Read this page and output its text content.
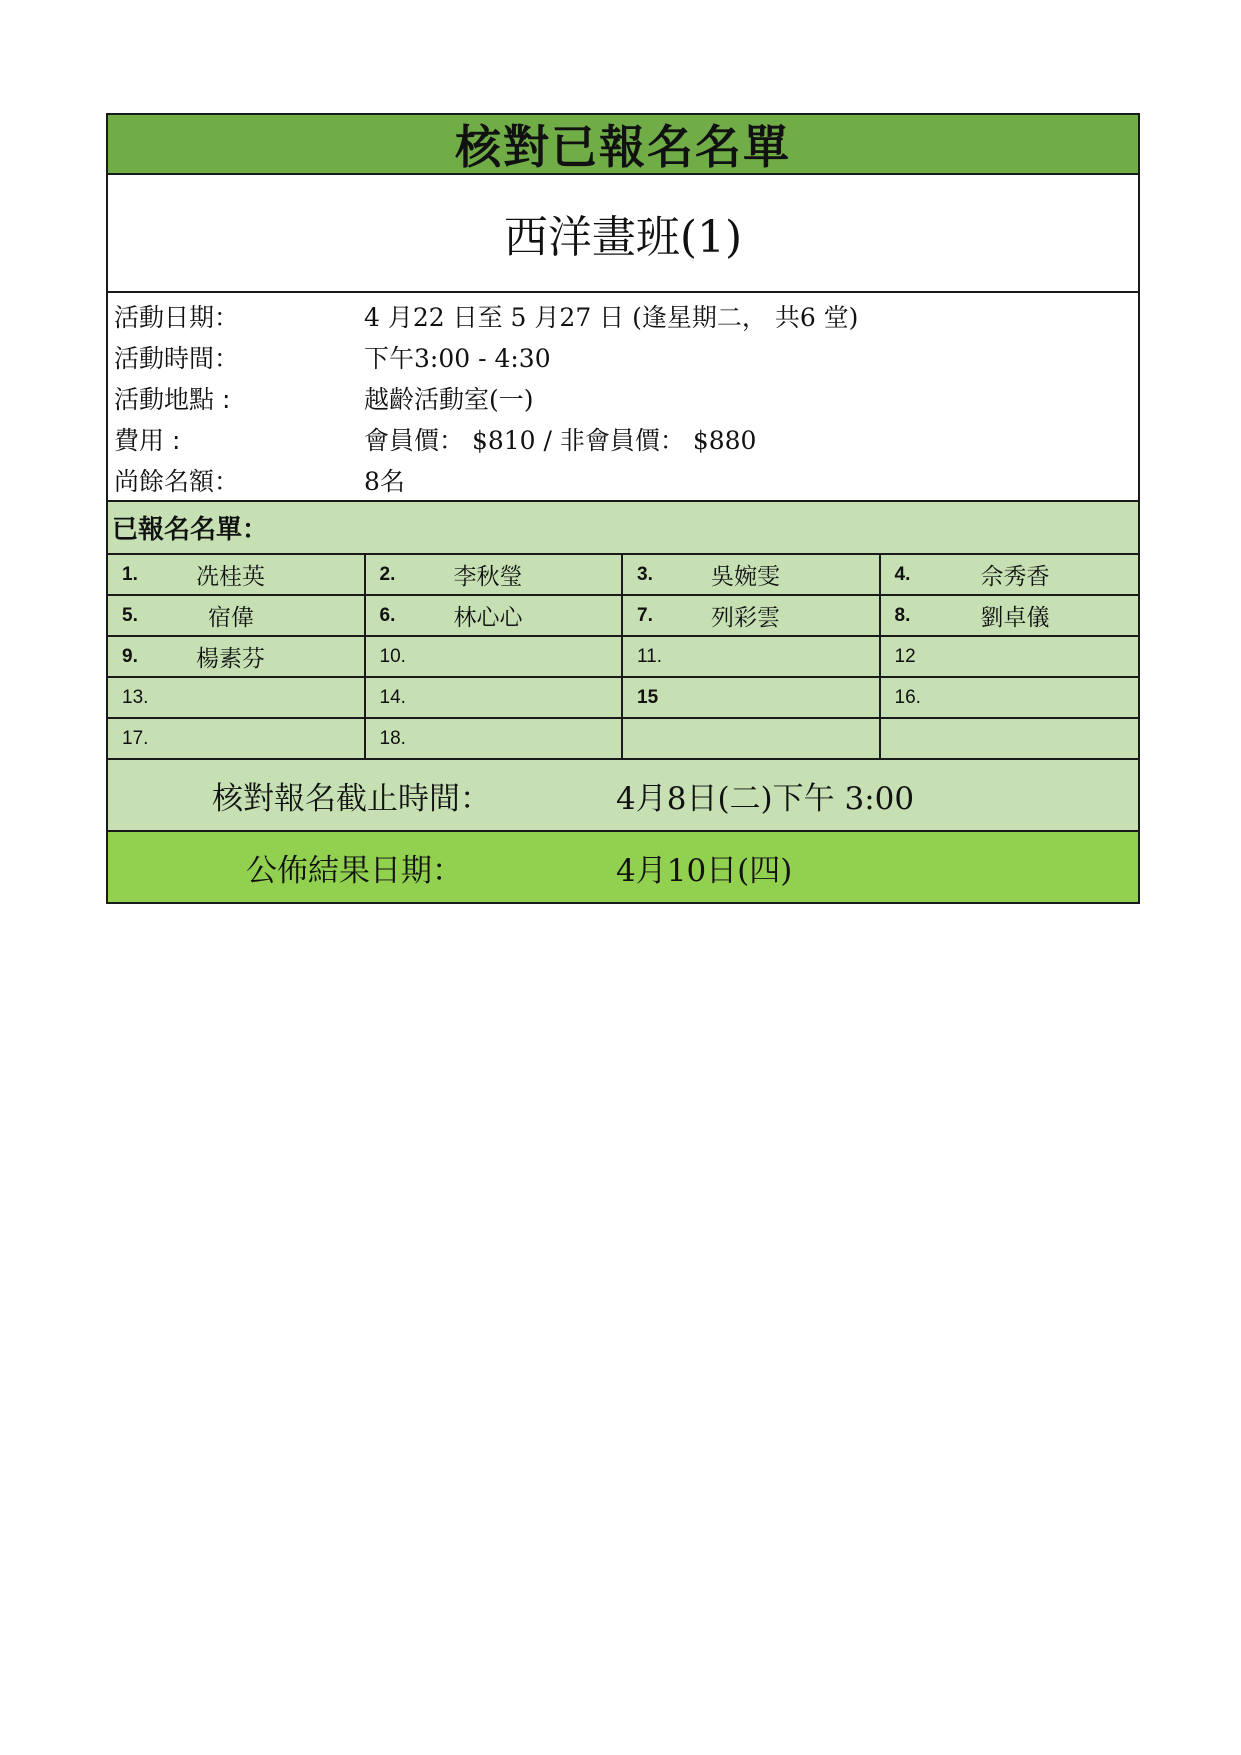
核對已報名名單
西洋畫班(1)
活動日期：	4 月22 日至 5 月27 日 (逢星期二， 共6 堂)
活動時間：	下午3:00 - 4:30
活動地點 :	越齡活動室(一)
費用 :	會員價： $810 / 非會員價： $880
尚餘名額：	8名
已報名名單：
1.	冼桂英	2.	李秋瑩	3.	吳婉雯	4.	佘秀香
5.	宿偉	6.	林心心	7.	列彩雲	8.	劉卓儀
9.	楊素芬	10.	11.	12
13.	14.	15	16.
17.	18.
核對報名截止時間：	4月8日(二)下午 3:00
公佈結果日期：	4月10日(四)
